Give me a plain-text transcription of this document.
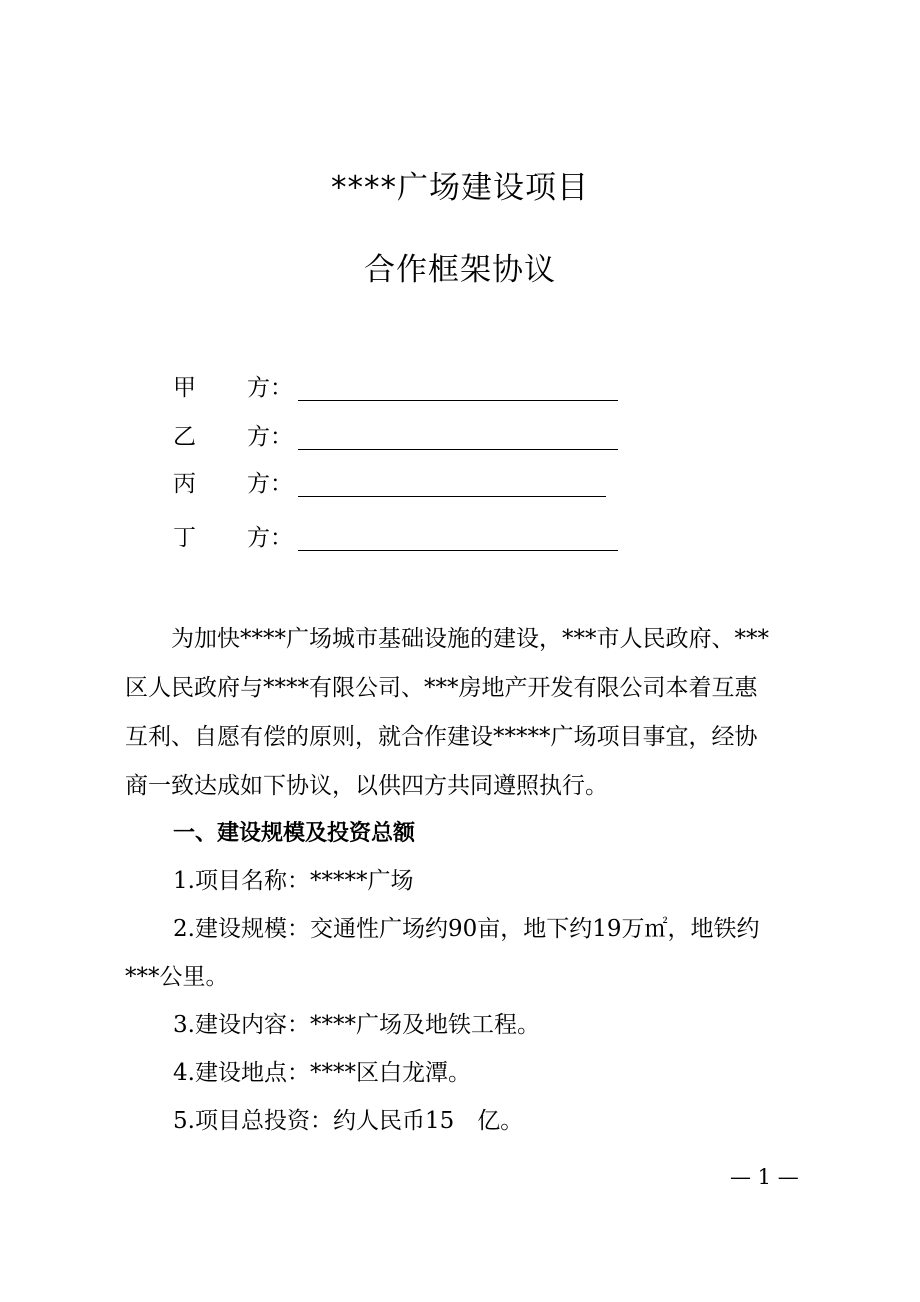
****广场建设项目
合作框架协议
甲 方：
乙 方：
丙 方：
丁 方：
　　为加快****广场城市基础设施的建设，***市人民政府、***
区人民政府与****有限公司、***房地产开发有限公司本着互惠
互利、自愿有偿的原则，就合作建设*****广场项目事宜，经协
商一致达成如下协议，以供四方共同遵照执行。
一、建设规模及投资总额
1.项目名称：*****广场
2.建设规模：交通性广场约90亩，地下约19万㎡，地铁约
***公里。
3.建设内容：****广场及地铁工程。
4.建设地点：****区白龙潭。
5.项目总投资：约人民币15　亿。
— 1 —
